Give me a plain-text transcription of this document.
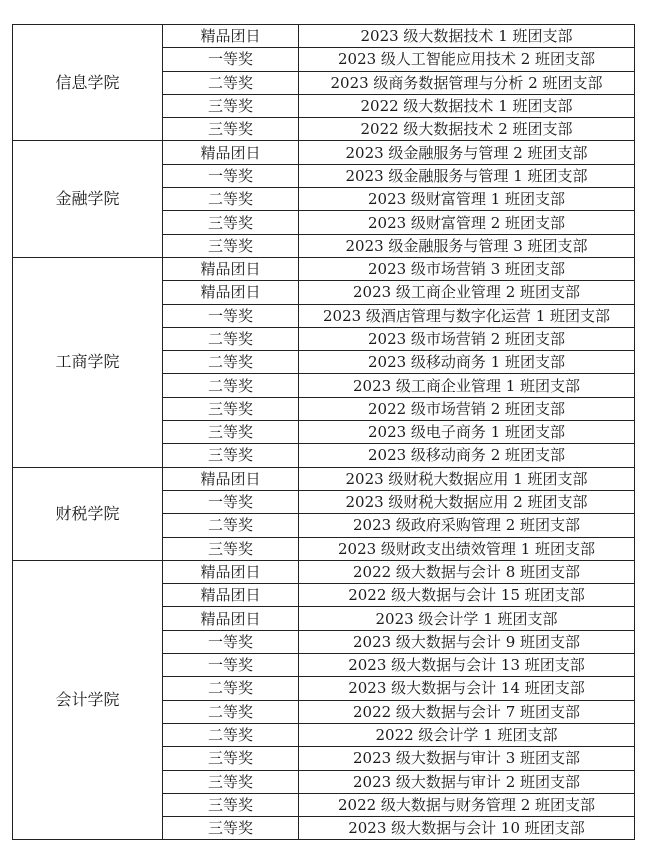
信息学院	精品团日	2023 级大数据技术 1 班团支部
	一等奖	2023 级人工智能应用技术 2 班团支部
	二等奖	2023 级商务数据管理与分析 2 班团支部
	三等奖	2022 级大数据技术 1 班团支部
	三等奖	2022 级大数据技术 2 班团支部
金融学院	精品团日	2023 级金融服务与管理 2 班团支部
	一等奖	2023 级金融服务与管理 1 班团支部
	二等奖	2023 级财富管理 1 班团支部
	三等奖	2023 级财富管理 2 班团支部
	三等奖	2023 级金融服务与管理 3 班团支部
工商学院	精品团日	2023 级市场营销 3 班团支部
	精品团日	2023 级工商企业管理 2 班团支部
	一等奖	2023 级酒店管理与数字化运营 1 班团支部
	二等奖	2023 级市场营销 2 班团支部
	二等奖	2023 级移动商务 1 班团支部
	二等奖	2023 级工商企业管理 1 班团支部
	三等奖	2022 级市场营销 2 班团支部
	三等奖	2023 级电子商务 1 班团支部
	三等奖	2023 级移动商务 2 班团支部
财税学院	精品团日	2023 级财税大数据应用 1 班团支部
	一等奖	2023 级财税大数据应用 2 班团支部
	二等奖	2023 级政府采购管理 2 班团支部
	三等奖	2023 级财政支出绩效管理 1 班团支部
会计学院	精品团日	2022 级大数据与会计 8 班团支部
	精品团日	2022 级大数据与会计 15 班团支部
	精品团日	2023 级会计学 1 班团支部
	一等奖	2023 级大数据与会计 9 班团支部
	一等奖	2023 级大数据与会计 13 班团支部
	二等奖	2023 级大数据与会计 14 班团支部
	二等奖	2022 级大数据与会计 7 班团支部
	二等奖	2022 级会计学 1 班团支部
	三等奖	2023 级大数据与审计 3 班团支部
	三等奖	2023 级大数据与审计 2 班团支部
	三等奖	2022 级大数据与财务管理 2 班团支部
	三等奖	2023 级大数据与会计 10 班团支部
